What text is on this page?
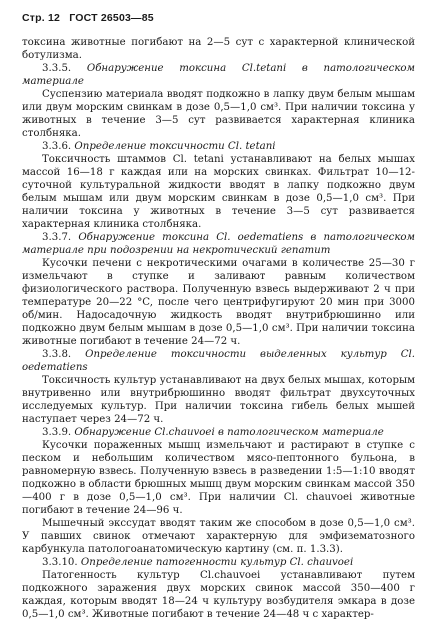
Стр. 12 ГОСТ 26503—85

токсина животные погибают на 2—5 сут с характерной клинической ботулизма.

3.3.5. Обнаружение токсина Cl.tetani в патологическом материале

Суспензию материала вводят подкожно в лапку двум белым мышам или двум морским свинкам в дозе 0,5—1,0 см³. При наличии токсина у животных в течение 3—5 сут развивается характерная клиника столбняка.

3.3.6. Определение токсичности Cl. tetani

Токсичность штаммов Cl. tetani устанавливают на белых мышах массой 16—18 г каждая или на морских свинках. Фильтрат 10—12-суточной культуральной жидкости вводят в лапку подкожно двум белым мышам или двум морским свинкам в дозе 0,5—1,0 см³. При наличии токсина у животных в течение 3—5 сут развивается характерная клиника столбняка.

3.3.7. Обнаружение токсина Cl. oedematiens в патологическом материале при подозрении на некротический гепатит

Кусочки печени с некротическими очагами в количестве 25—30 г измельчают в ступке и заливают равным количеством физиологического раствора. Полученную взвесь выдерживают 2 ч при температуре 20—22 °C, после чего центрифугируют 20 мин при 3000 об/мин. Надосадочную жидкость вводят внутрибрюшинно или подкожно двум белым мышам в дозе 0,5—1,0 см³. При наличии токсина животные погибают в течение 24—72 ч.

3.3.8. Определение токсичности выделенных культур Cl. oedematiens

Токсичность культур устанавливают на двух белых мышах, которым внутривенно или внутрибрюшинно вводят фильтрат двухсуточных исследуемых культур. При наличии токсина гибель белых мышей наступает через 24—72 ч.

3.3.9. Обнаружение Cl.chauvoei в патологическом материале

Кусочки пораженных мышц измельчают и растирают в ступке с песком и небольшим количеством мясо-пептонного бульона, в равномерную взвесь. Полученную взвесь в разведении 1:5—1:10 вводят подкожно в области брюшных мышц двум морским свинкам массой 350—400 г в дозе 0,5—1,0 см³. При наличии Cl. chauvoei животные погибают в течение 24—96 ч.

Мышечный экссудат вводят таким же способом в дозе 0,5—1,0 см³. У павших свинок отмечают характерную для эмфизематозного карбункула патологоанатомическую картину (см. п. 1.3.3).

3.3.10. Определение патогенности культур Cl. chauvoei

Патогенность культур Cl.chauvoei устанавливают путем подкожного заражения двух морских свинок массой 350—400 г каждая, которым вводят 18—24 ч культуру возбудителя эмкара в дозе 0,5—1,0 см³. Животные погибают в течение 24—48 ч с характер-
